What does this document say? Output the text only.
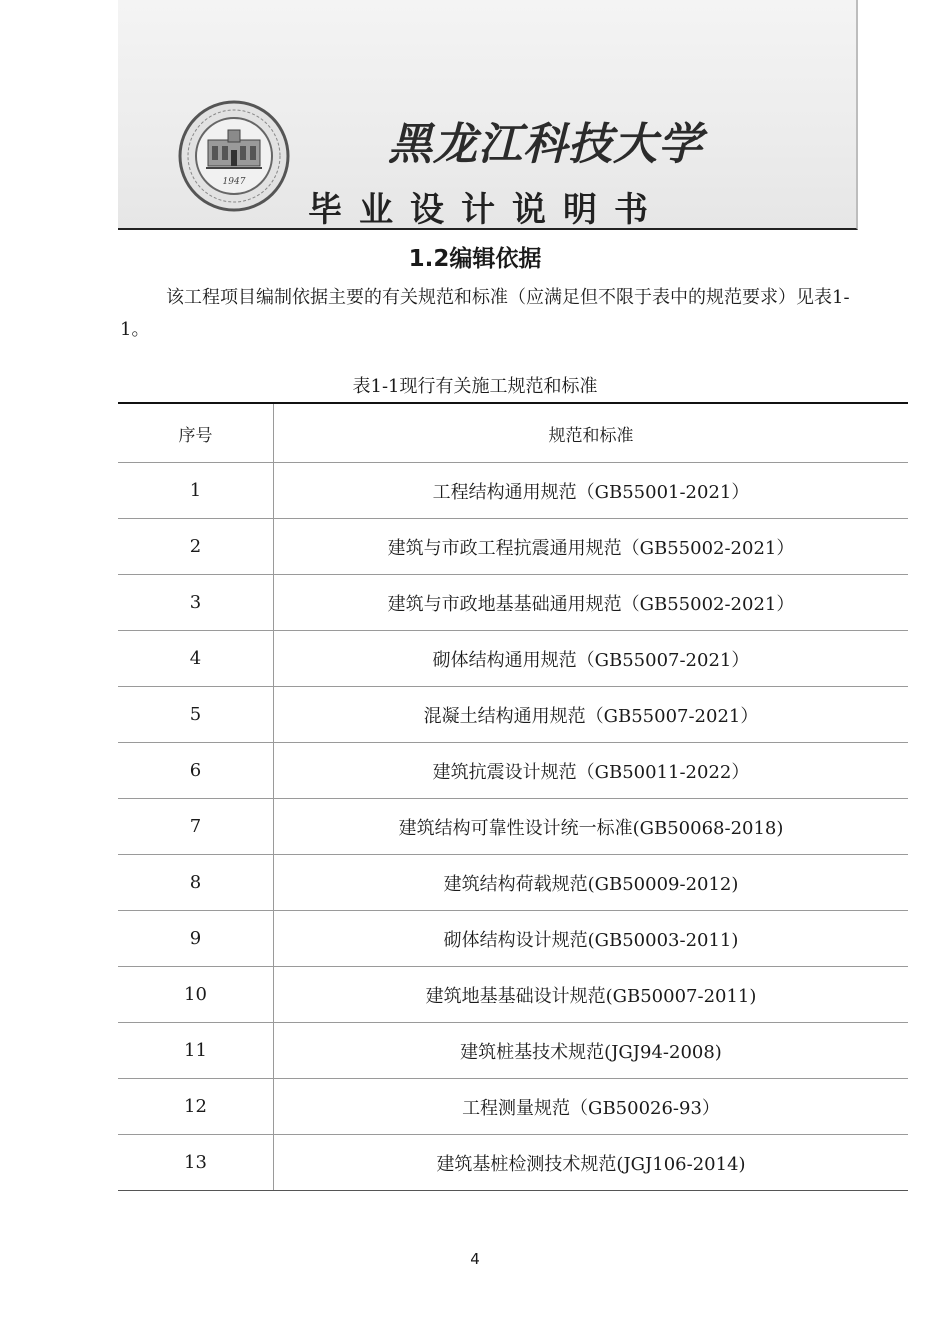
1947
黑龙江科技大学
毕业设计说明书
1.2编辑依据

该工程项目编制依据主要的有关规范和标准（应满足但不限于表中的规范要求）见表1-1。

表1-1现行有关施工规范和标准
序号	规范和标准
1	工程结构通用规范（GB55001-2021）
2	建筑与市政工程抗震通用规范（GB55002-2021）
3	建筑与市政地基基础通用规范（GB55002-2021）
4	砌体结构通用规范（GB55007-2021）
5	混凝土结构通用规范（GB55007-2021）
6	建筑抗震设计规范（GB50011-2022）
7	建筑结构可靠性设计统一标准(GB50068-2018)
8	建筑结构荷载规范(GB50009-2012)
9	砌体结构设计规范(GB50003-2011)
10	建筑地基基础设计规范(GB50007-2011)
11	建筑桩基技术规范(JGJ94-2008)
12	工程测量规范（GB50026-93）
13	建筑基桩检测技术规范(JGJ106-2014)
4
